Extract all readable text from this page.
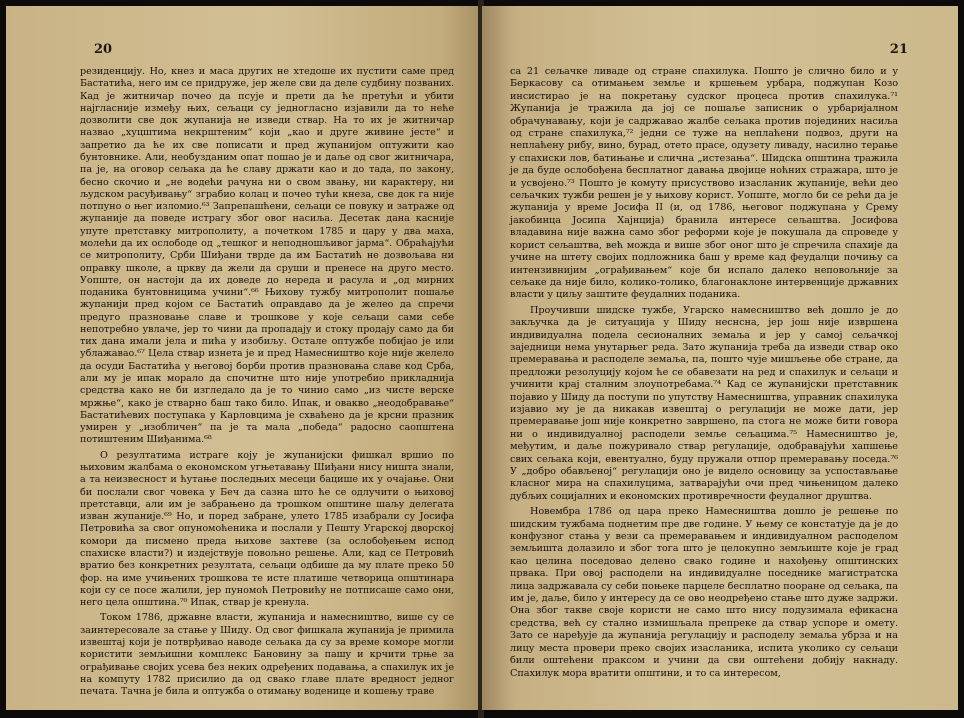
20

резиденцију. Но, кнез и маса других не хтедоше их пустити саме пред Бастатића, него им се придруже, јер желе сви да деле судбину позваних. Кад је житничар почео да псује и прети да ће претући и убити најгласније између њих, сељаци су једногласно изјавили да то неће дозволити све док жупанија не изведи ствар. На то их је житничар назвао „хуцштима некрштеним“ који „као и друге живине јесте“ и запретио да ће их све пописати и пред жупанијом оптужити као бунтовнике. Али, необузданим опат пошао је и даље од свог житничара, па је, на оговор сељака да ће славу држати као и до тада, по закону, бесно скочио и „не водећи рачуна ни о свом звању, ни карактеру, ни људском расуђивању“ зграбио колац и почео тући кнеза, све док га није потпуно о њег изломио.⁶³ Запрепашћени, сељаци се повуку и затраже од жупаније да поведе истрагу због овог насиља. Десетак дана касније упуте претставку митрополиту, а почетком 1785 и цару у два маха, молећи да их ослободе од „тешког и неподношљивог јарма“. Обраћајући се митрополиту, Срби Шиђани тврде да им Бастатић не дозвољава ни оправку школе, а цркву да жели да сруши и пренесе на друго место. Уопште, он настоји да их доведе до нереда и расула и „од мирних поданика бунтовницима учини“.⁶⁶ Њихову тужбу митрополит пошаље жупанији пред којом се Бастатић оправдаво да је желео да спречи предуго празновање славе и трошкове у које сељаци сами себе непотребно увлаче, јер то чини да пропадају и стоку продају само да би тих дана имали јела и пића у изобиљу. Остале оптужбе побијао је или ублажавао.⁶⁷ Цела ствар изнета је и пред Намесништво које није желело да осуди Бастатића у његовој борби против празновања славе код Срба, али му је ипак морало да спочитне што није употребио прикладнија средства како не би изгледало да је то чинио само „из чисте верске мржње“, како је стварно баш тако било. Ипак, и овакво „неодобравање“ Бастатићевих поступака у Карловцима је схваћено да је крсни празник умирен у „изобличен“ па је та мала „победа“ радосно саопштена потиштеним Шиђанима.⁶⁸

О резултатима истраге коју је жупанијски фишкал вршио по њиховим жалбама о економском угњетавању Шиђани нису ништа знали, а та неизвесност и ћутање последњих месеци бацише их у очајање. Они би послали свог човека у Беч да сазна што ће се одлучити о њиховој претставци, али им је забрањено да трошком општине шаљу делегата изван жупаније.⁶⁹ Но, и поред забране, улето 1785 изабрали су Јосифа Петровића за свог опуномоћеника и послали у Пешту Угарској дворској комори да писмено преда њихове захтеве (за ослобођењем испод спахиске власти?) и издејствује повољно решење. Али, кад се Петровић вратио без конкретних резултата, сељаци одбише да му плате преко 50 фор. на име учињених трошкова те исте платише четворица општинара који су се посе жалили, јер пуномоћ Петровићу не потписаше само они, него цела општина.⁷⁰ Ипак, ствар је кренула.

Током 1786, државне власти, жупанија и намесништво, више су се заинтересовале за стање у Шиду. Од свог фишкала жупанија је примила извештај који је потврђивао наводе сељака да су за време коморе могли користити земљишни комплекс Бановину за пашу и крчити трње за ограђивање својих усева без неких одређених подавања, а спахилук их је на компуту 1782 присилио да од свако главе плате вредност једног печата. Тачна је била и оптужба о отимању воденице и кошењу траве

21

са 21 сељачке ливаде од стране спахилука. Пошто је слично било и у Беркасову са отимањем земље и кршењем урбара, поджупан Козо инсистирао је на покретању судског процеса против спахилука.⁷¹ Жупанија је тражила да јој се пошаље записник о урбаријалном обрачунавању, који је садржавао жалбе сељака против појединих насиља од стране спахилука,⁷² једни се туже на неплаћени подвоз, други на неплаћену рибу, вино, бурад, отето прасе, одузету ливаду, насилно терање у спахиски лов, батињање и слична „истезања“. Шидска општина тражила је да буде ослобођена бесплатног давања двојице ноћних стражара, што је и усвојено.⁷³ Пошто је комуту присуствово изасланик жупаније, већи део сељачких тужби решен је у њихову корист. Уопште, могло би се рећи да је жупанија у време Јосифа II (и, од 1786, његовог поджупана у Срему јакобинца Јосипа Хајнција) бранила интересе сељаштва. Јосифова владавина није важна само због реформи које је покушала да спроведе у корист сељаштва, већ можда и више због оног што је спречила спахије да учине на штету својих подложника баш у време кад феудалци почињу са интензивнијим „ограђивањем“ које би испало далеко неповољније за сељаке да није било, колико-толико, благонаклоне интервенције државних власти у циљу заштите феудалних поданика.

Проучивши шидске тужбе, Угарско намесништво већ дошло је до закључка да је ситуација у Шиду неснсна, јер још није извршена индивидуална подела сесионалних земаља и јер у самој сељачкој заједници нема унутарњег реда. Зато жупанија треба да изведи ствар око премеравања и расподеле земаља, па, пошто чује мишљење обе стране, да предложи резолуцију којом ће се обавезати на ред и спахилук и сељаци и учинити крај сталним злоупотребама.⁷⁴ Кад се жупанијски претставник појавио у Шиду да поступи по упутству Намесништва, управник спахилука изјавио му је да никакав извештај о регулацији не може дати, јер премеравање још није конкретно завршено, па стога не може бити говора ни о индивидуалној расподели земље сељацима.⁷⁵ Намесништво је, међутим, и даље пожуривало ствар регулације, одобравајући хапшење свих сељака који, евентуално, буду пружали отпор премеравању поседа.⁷⁶ У „добро обављеној“ регулацији оно је видело основицу за успостављање класног мира на спахилуцима, затварајући очи пред чињеницом далеко дубљих социјалних и економских противречности феудалног друштва.

Новембра 1786 од цара преко Намесништва дошло је решење по шидским тужбама поднетим пре две године. У њему се констатује да је до конфузног стања у вези са премеравањем и индивидуалном расподелом земљишта долазило и због тога што је целокупно земљиште које је град као целина поседовао делено свако године и нахођењу општинских првака. При овој расподели на индивидуалне поседнике магистратска лица задржавала су себи поњеке парцеле бесплатно пооране од сељака, па им је, даље, било у интересу да се ово неодређено стање што дуже задржи. Она због такве своје користи не само што нису подузимала ефикасна средства, већ су стално измишљала препреке да ствар успоре и омету. Зато се наређује да жупанија регулацију и расподелу земаља убрза и на лицу места провери преко својих изасланика, испита уколико су сељаци били оштећени праксом и учини да сви оштећени добију накнаду. Спахилук мора вратити општини, и то са интересом,
